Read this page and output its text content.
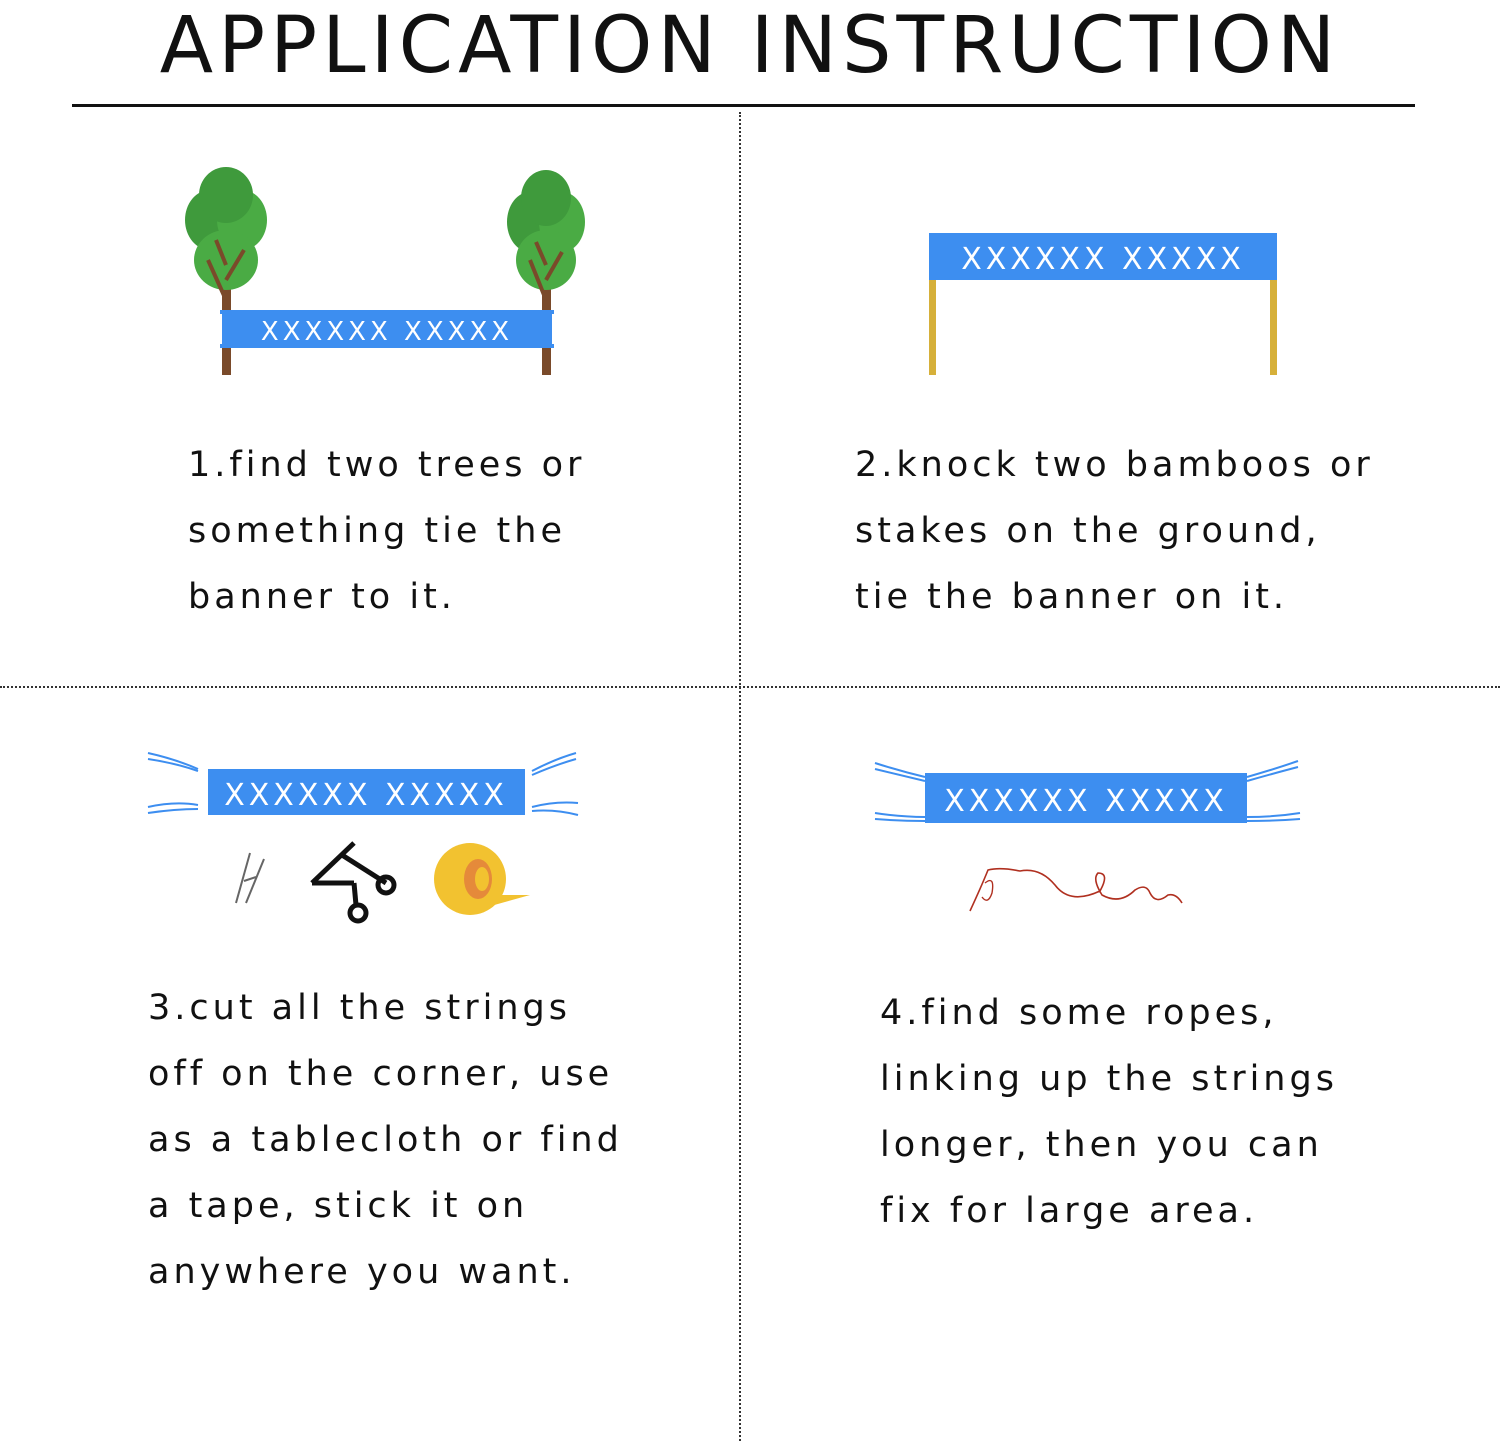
APPLICATION INSTRUCTION
XXXXXX XXXXX
1.find two trees or
something tie the
banner to it.
XXXXXX XXXXX
2.knock two bamboos or
stakes on the ground,
tie the banner on it.
XXXXXX XXXXX
3.cut all the strings
off on the corner, use
as a tablecloth or find
a tape, stick it on
anywhere you want.
XXXXXX XXXXX
4.find some ropes,
linking up the strings
longer, then you can
fix for large area.
